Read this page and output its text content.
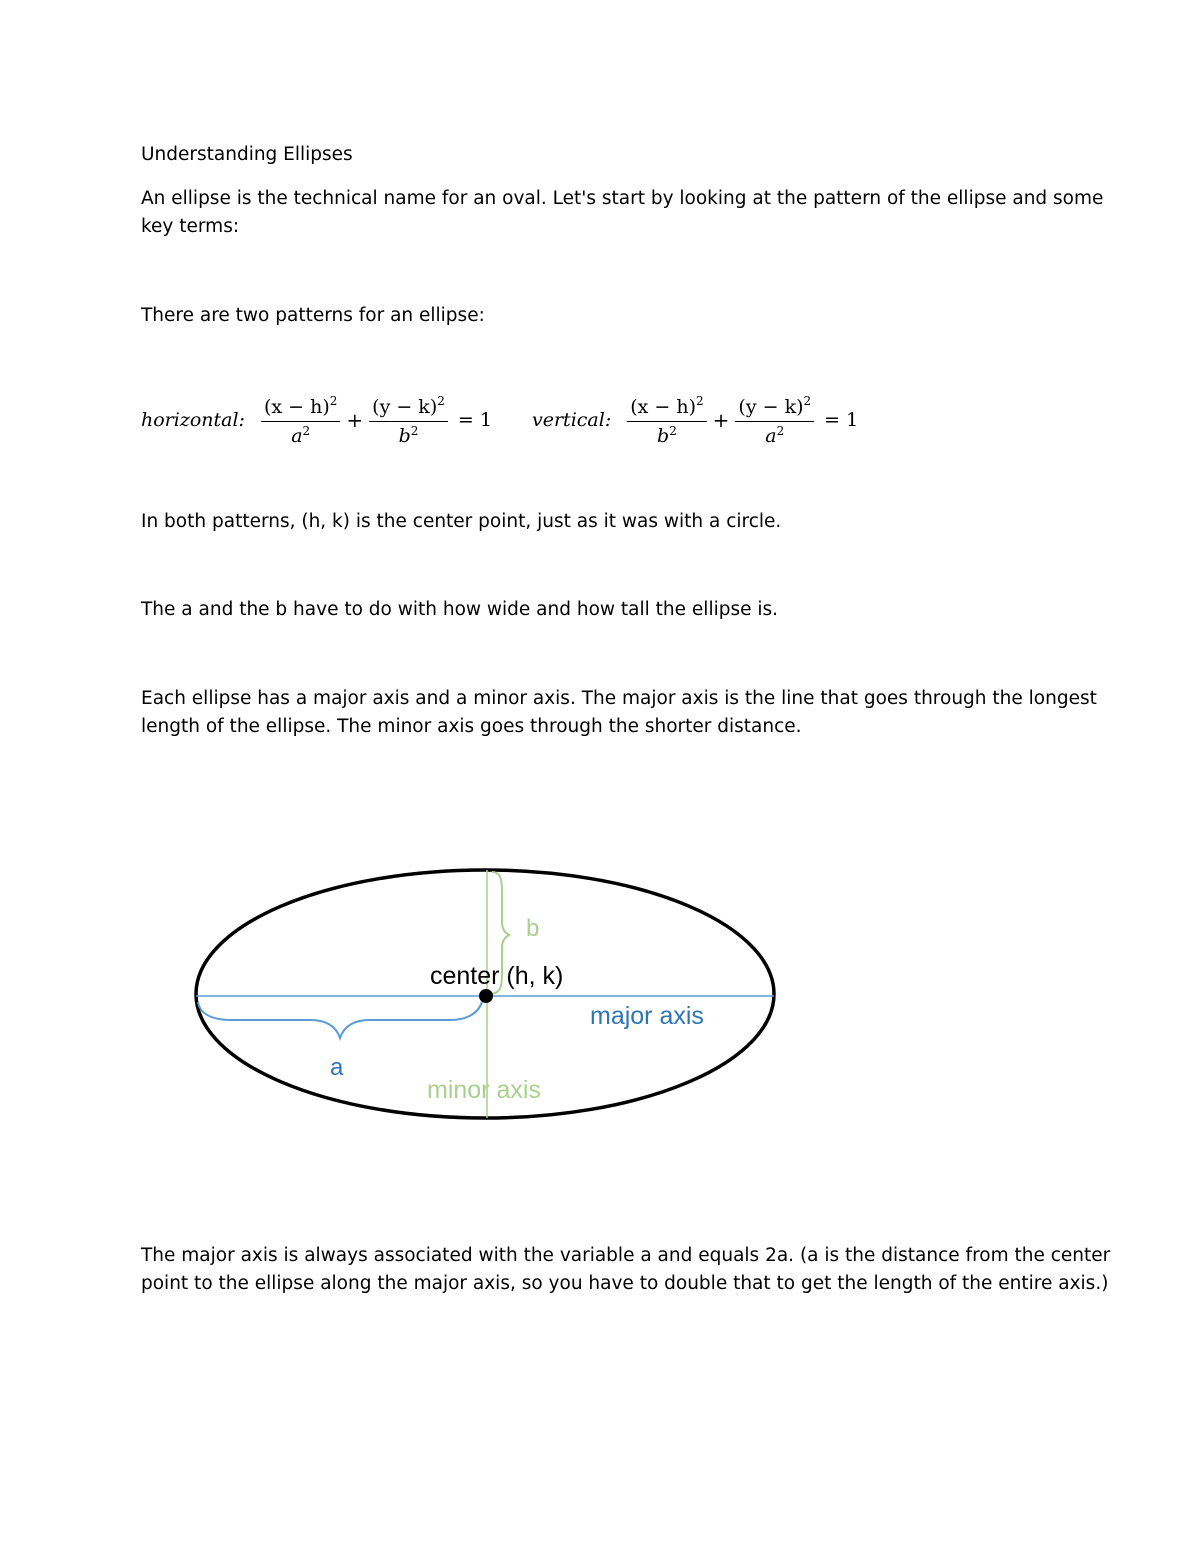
Understanding Ellipses
An ellipse is the technical name for an oval. Let's start by looking at the pattern of the ellipse and some
key terms:
There are two patterns for an ellipse:
horizontal: $\frac{(x - h)^2}{a^2} + \frac{(y - k)^2}{b^2} = 1$ vertical: $\frac{(x - h)^2}{b^2} + \frac{(y - k)^2}{a^2} = 1$
In both patterns, (h, k) is the center point, just as it was with a circle.
The a and the b have to do with how wide and how tall the ellipse is.
Each ellipse has a major axis and a minor axis. The major axis is the line that goes through the longest
length of the ellipse. The minor axis goes through the shorter distance.
center (h, k)
major axis
minor axis
a
b
The major axis is always associated with the variable a and equals 2a. (a is the distance from the center
point to the ellipse along the major axis, so you have to double that to get the length of the entire axis.)
